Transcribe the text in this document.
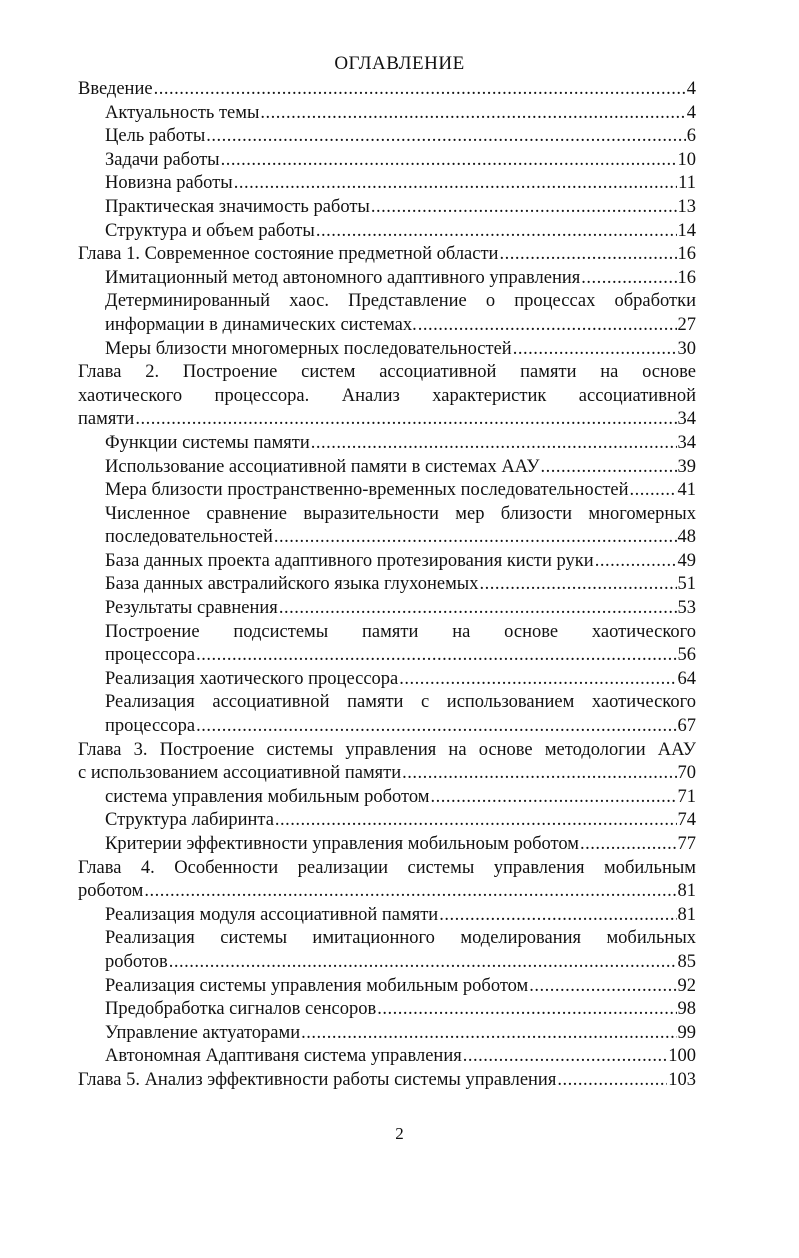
ОГЛАВЛЕНИЕ
Введение .....	4
Актуальность темы .....	4
Цель работы .....	6
Задачи работы .....	10
Новизна работы .....	11
Практическая значимость работы .....	13
Структура и объем работы .....	14
Глава 1. Современное состояние предметной области .....	16
Имитационный метод автономного адаптивного управления .....	16
Детерминированный хаос. Представление о процессах обработки
информации в динамических системах. .....	27
Меры близости многомерных последовательностей .....	30
Глава 2. Построение систем ассоциативной памяти на основе
хаотического процессора. Анализ характеристик ассоциативной
памяти .....	34
Функции системы памяти .....	34
Использование ассоциативной памяти в системах ААУ .....	39
Мера близости пространственно-временных последовательностей .....	41
Численное сравнение выразительности мер близости многомерных
последовательностей .....	48
База данных проекта адаптивного протезирования кисти руки .....	49
База данных австралийского языка глухонемых .....	51
Результаты сравнения .....	53
Построение подсистемы памяти на основе хаотического
процессора .....	56
Реализация хаотического процессора .....	64
Реализация ассоциативной памяти с использованием хаотического
процессора .....	67
Глава 3. Построение системы управления на основе методологии ААУ
с использованием ассоциативной памяти .....	70
система управления мобильным роботом .....	71
Структура лабиринта .....	74
Критерии эффективности управления мобильноым роботом .....	77
Глава 4. Особенности реализации системы управления мобильным
роботом .....	81
Реализация модуля ассоциативной памяти .....	81
Реализация системы имитационного моделирования мобильных
роботов .....	85
Реализация системы управления мобильным роботом .....	92
Предобработка сигналов сенсоров .....	98
Управление актуаторами .....	99
Автономная Адаптиваня система управления .....	100
Глава 5. Анализ эффективности работы системы управления .....	103
2
